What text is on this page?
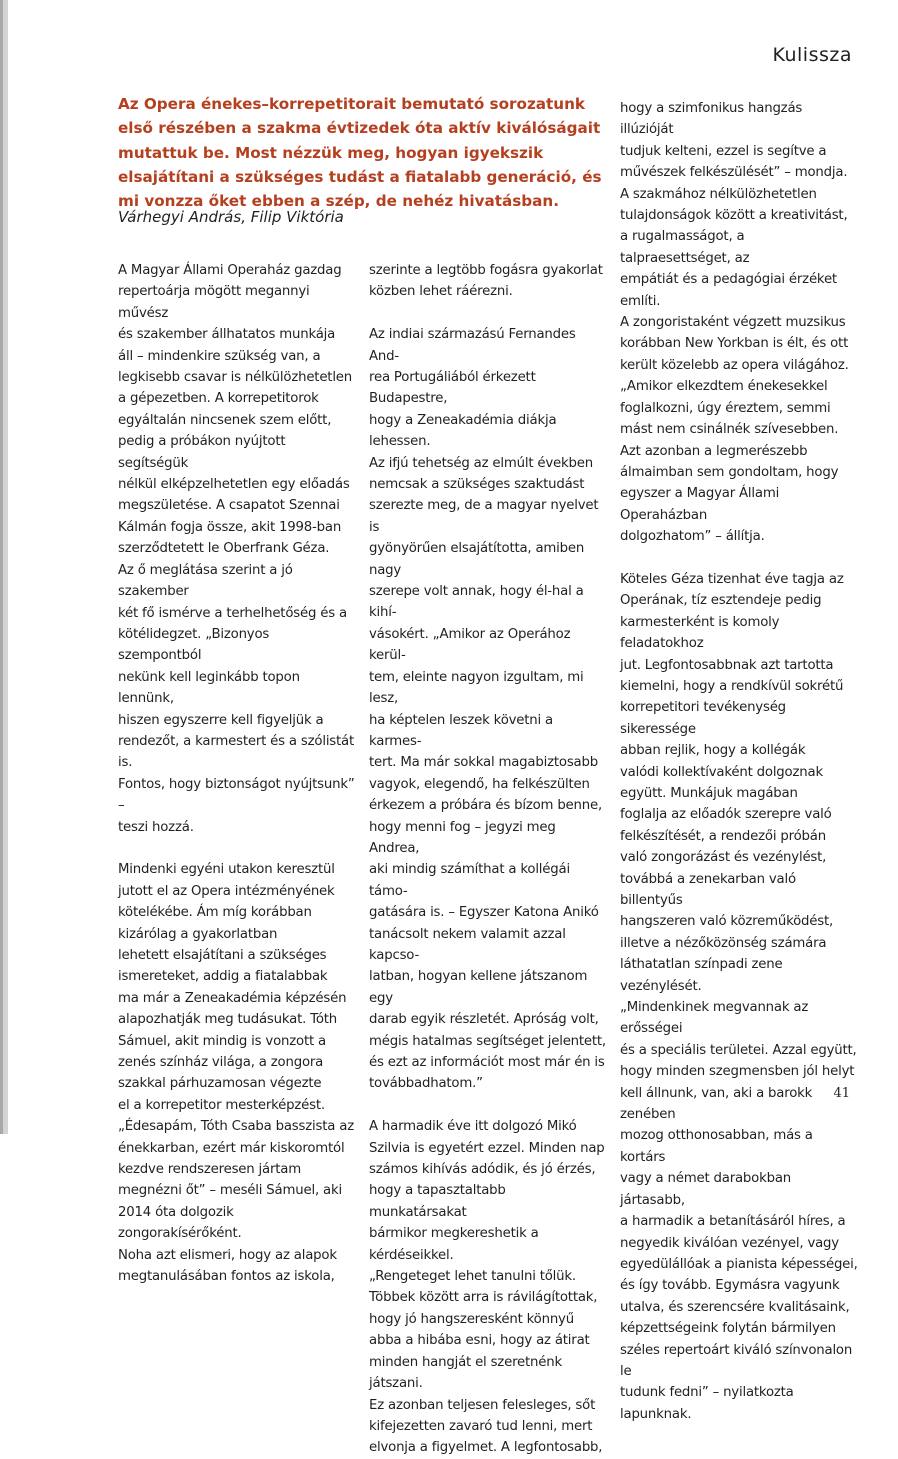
Kulissza

Az Opera énekes–korrepetitorait bemutató sorozatunk első részében a szakma évtizedek óta aktív kiválóságait mutattuk be. Most nézzük meg, hogyan igyekszik elsajátítani a szükséges tudást a fiatalabb generáció, és mi vonzza őket ebben a szép, de nehéz hivatásban.

Várhegyi András, Filip Viktória

A Magyar Állami Operaház gazdag
repertoárja mögött megannyi művész
és szakember állhatatos munkája
áll – mindenkire szükség van, a
legkisebb csavar is nélkülözhetetlen
a gépezetben. A korrepetitorok
egyáltalán nincsenek szem előtt,
pedig a próbákon nyújtott segítségük
nélkül elképzelhetetlen egy előadás
megszületése. A csapatot Szennai
Kálmán fogja össze, akit 1998-ban
szerződtetett le Oberfrank Géza.
Az ő meglátása szerint a jó szakember
két fő ismérve a terhelhetőség és a
kötélidegzet. „Bizonyos szempontból
nekünk kell leginkább topon lennünk,
hiszen egyszerre kell figyeljük a
rendezőt, a karmestert és a szólistát is.
Fontos, hogy biztonságot nyújtsunk” –
teszi hozzá.

Mindenki egyéni utakon keresztül
jutott el az Opera intézményének
kötelékébe. Ám míg korábban
kizárólag a gyakorlatban
lehetett elsajátítani a szükséges
ismereteket, addig a fiatalabbak
ma már a Zeneakadémia képzésén
alapozhatják meg tudásukat. Tóth
Sámuel, akit mindig is vonzott a
zenés színház világa, a zongora
szakkal párhuzamosan végezte
el a korrepetitor mesterképzést.
„Édesapám, Tóth Csaba basszista az
énekkarban, ezért már kiskoromtól
kezdve rendszeresen jártam
megnézni őt” – meséli Sámuel, aki
2014 óta dolgozik zongorakísérőként.
Noha azt elismeri, hogy az alapok
megtanulásában fontos az iskola,

szerinte a legtöbb fogásra gyakorlat
közben lehet ráérezni.

Az indiai származású Fernandes And-
rea Portugáliából érkezett Budapestre,
hogy a Zeneakadémia diákja lehessen.
Az ifjú tehetség az elmúlt években
nemcsak a szükséges szaktudást
szerezte meg, de a magyar nyelvet is
gyönyörűen elsajátította, amiben nagy
szerepe volt annak, hogy él-hal a kihí-
vásokért. „Amikor az Operához kerül-
tem, eleinte nagyon izgultam, mi lesz,
ha képtelen leszek követni a karmes-
tert. Ma már sokkal magabiztosabb
vagyok, elegendő, ha felkészülten
érkezem a próbára és bízom benne,
hogy menni fog – jegyzi meg Andrea,
aki mindig számíthat a kollégái támo-
gatására is. – Egyszer Katona Anikó
tanácsolt nekem valamit azzal kapcso-
latban, hogyan kellene játszanom egy
darab egyik részletét. Apróság volt,
mégis hatalmas segítséget jelentett,
és ezt az információt most már én is
továbbadhatom.”

A harmadik éve itt dolgozó Mikó
Szilvia is egyetért ezzel. Minden nap
számos kihívás adódik, és jó érzés,
hogy a tapasztaltabb munkatársakat
bármikor megkereshetik a kérdéseikkel.
„Rengeteget lehet tanulni tőlük.
Többek között arra is rávilágítottak,
hogy jó hangszeresként könnyű
abba a hibába esni, hogy az átirat
minden hangját el szeretnénk játszani.
Ez azonban teljesen felesleges, sőt
kifejezetten zavaró tud lenni, mert
elvonja a figyelmet. A legfontosabb,

hogy a szimfonikus hangzás illúzióját
tudjuk kelteni, ezzel is segítve a
művészek felkészülését” – mondja.
A szakmához nélkülözhetetlen
tulajdonságok között a kreativitást,
a rugalmasságot, a talpraesettséget, az
empátiát és a pedagógiai érzéket említi.
A zongoristaként végzett muzsikus
korábban New Yorkban is élt, és ott
került közelebb az opera világához.
„Amikor elkezdtem énekesekkel
foglalkozni, úgy éreztem, semmi
mást nem csinálnék szívesebben.
Azt azonban a legmerészebb
álmaimban sem gondoltam, hogy
egyszer a Magyar Állami Operaházban
dolgozhatom” – állítja.

Köteles Géza tizenhat éve tagja az
Operának, tíz esztendeje pedig
karmesterként is komoly feladatokhoz
jut. Legfontosabbnak azt tartotta
kiemelni, hogy a rendkívül sokrétű
korrepetitori tevékenység sikeressége
abban rejlik, hogy a kollégák
valódi kollektívaként dolgoznak
együtt. Munkájuk magában
foglalja az előadók szerepre való
felkészítését, a rendezői próbán
való zongorázást és vezénylést,
továbbá a zenekarban való billentyűs
hangszeren való közreműködést,
illetve a nézőközönség számára
láthatatlan színpadi zene vezénylését.
„Mindenkinek megvannak az erősségei
és a speciális területei. Azzal együtt,
hogy minden szegmensben jól helyt
kell állnunk, van, aki a barokk zenében
mozog otthonosabban, más a kortárs
vagy a német darabokban jártasabb,
a harmadik a betanításáról híres, a
negyedik kiválóan vezényel, vagy
egyedülállóak a pianista képességei,
és így tovább. Egymásra vagyunk
utalva, és szerencsére kvalitásaink,
képzettségeink folytán bármilyen
széles repertoárt kiváló színvonalon le
tudunk fedni” – nyilatkozta lapunknak.

41
